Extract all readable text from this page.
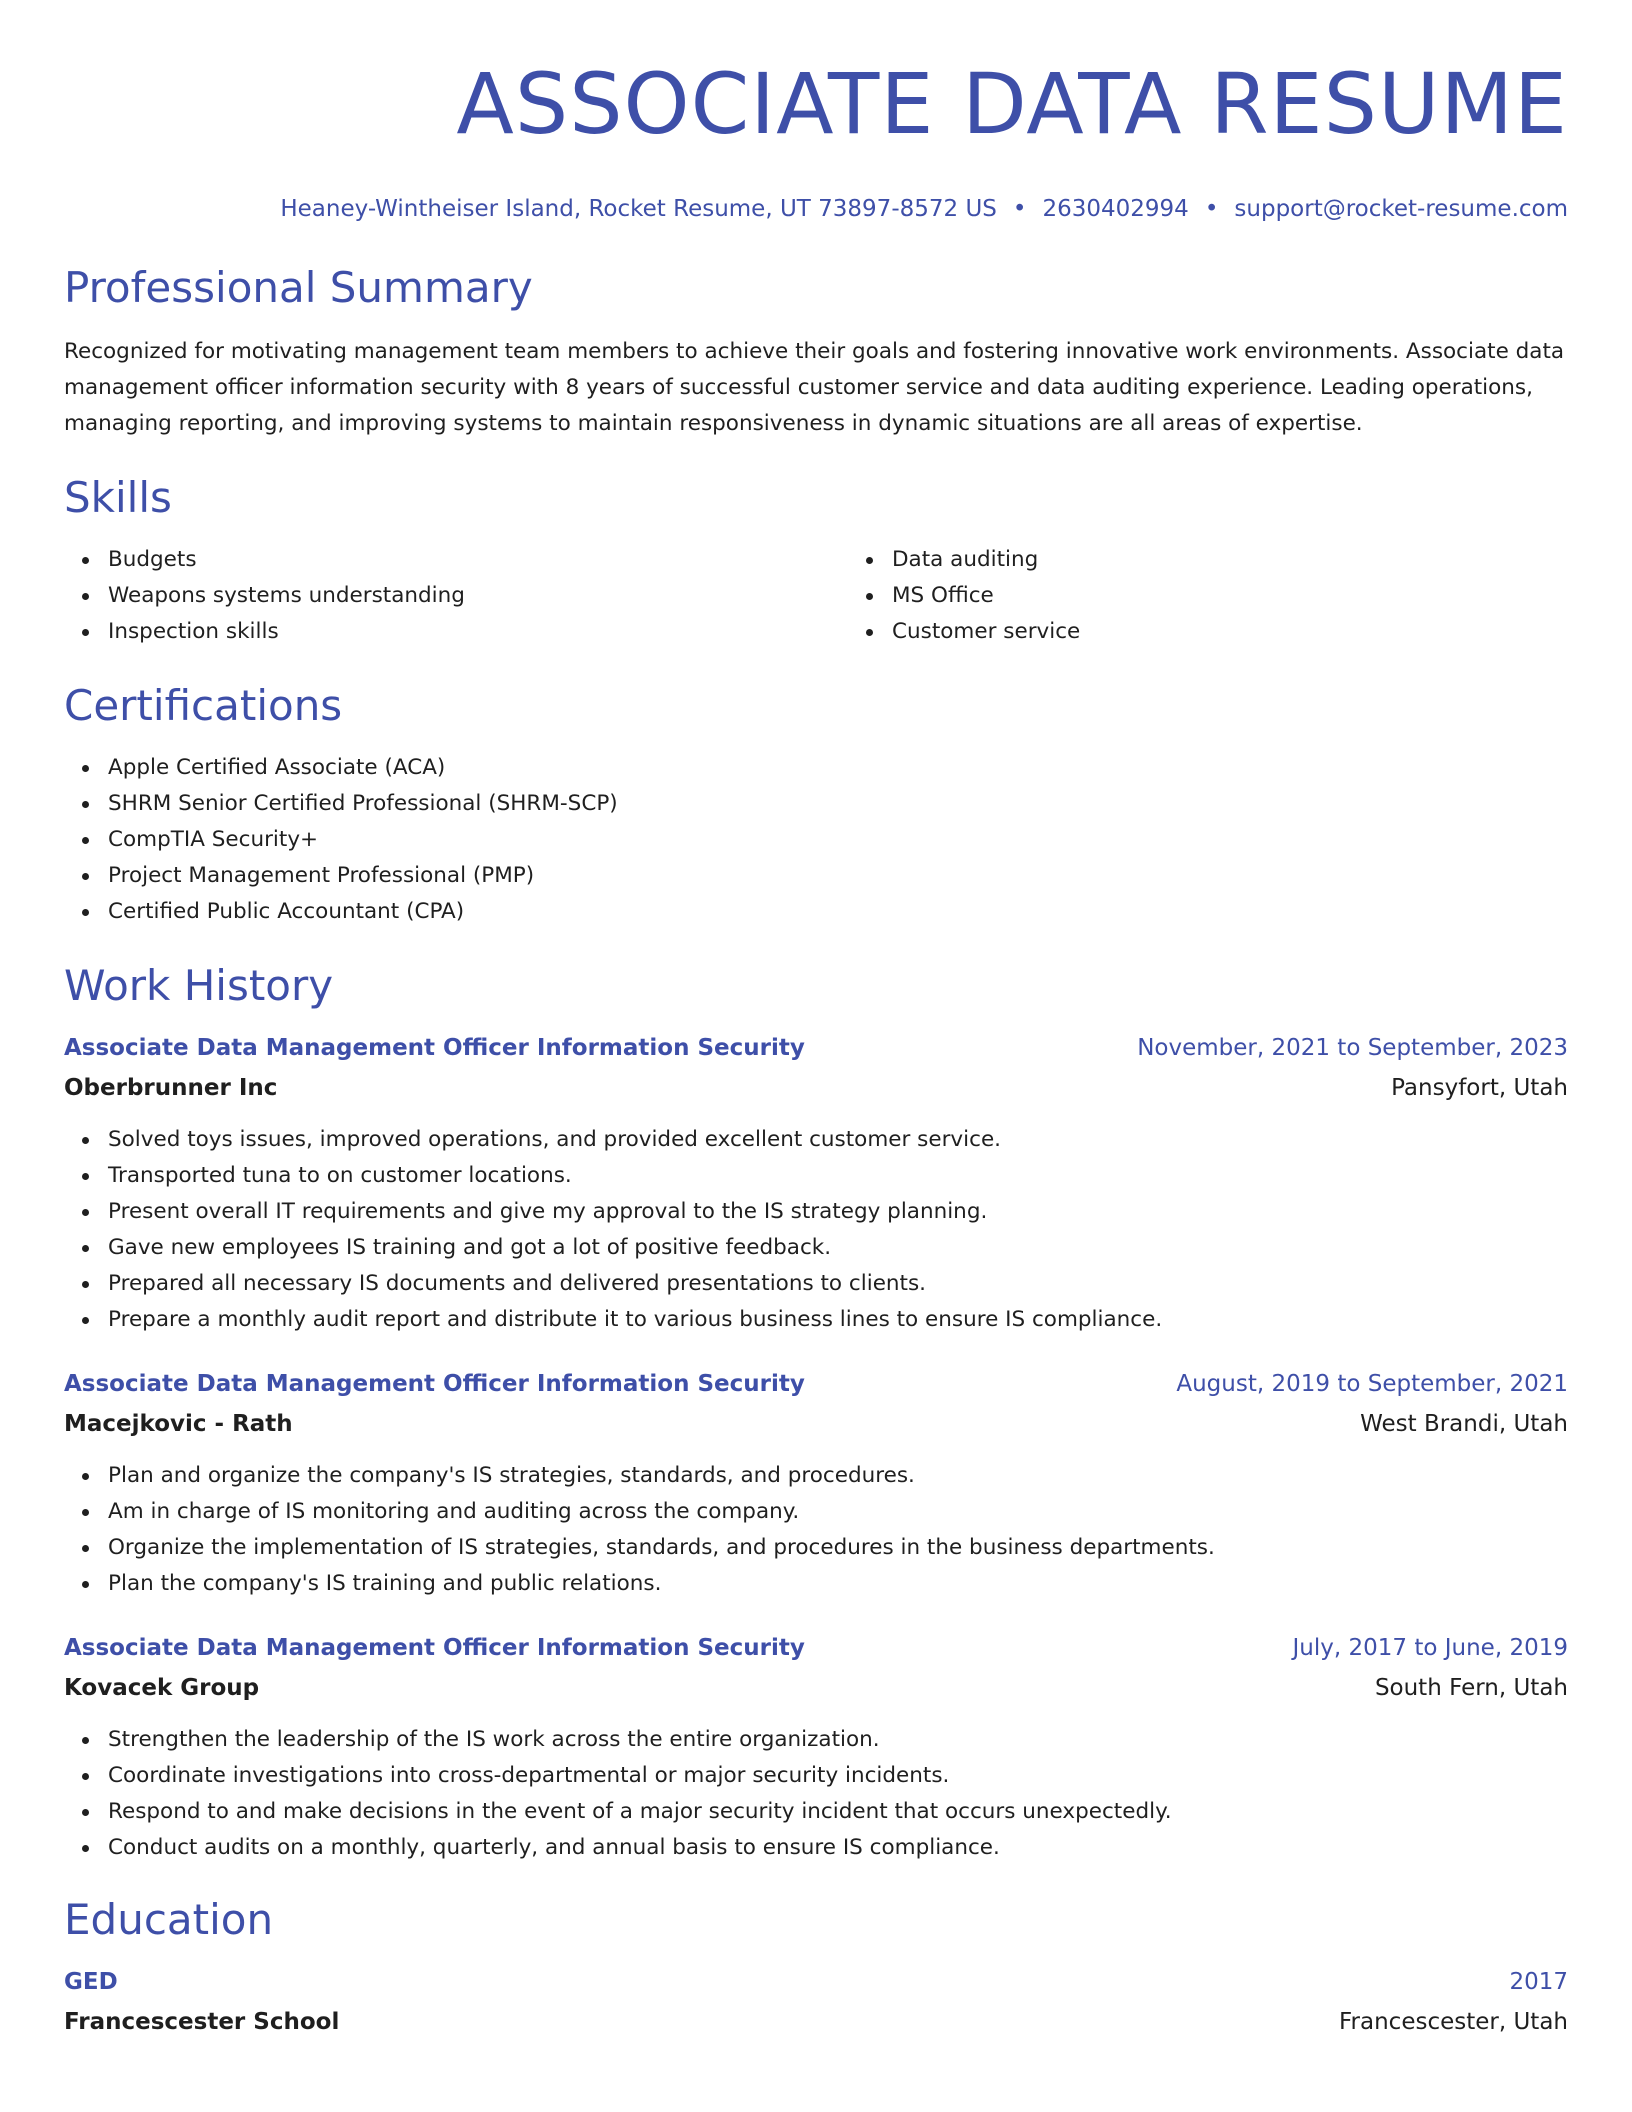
ASSOCIATE DATA RESUME
Heaney-Wintheiser Island, Rocket Resume, UT 73897-8572 US • 2630402994 • support@rocket-resume.com
Professional Summary

Recognized for motivating management team members to achieve their goals and fostering innovative work environments. Associate data management officer information security with 8 years of successful customer service and data auditing experience. Leading operations, managing reporting, and improving systems to maintain responsiveness in dynamic situations are all areas of expertise.

Skills
Budgets
Weapons systems understanding
Inspection skills
Data auditing
MS Office
Customer service
Certifications
Apple Certified Associate (ACA)
SHRM Senior Certified Professional (SHRM-SCP)
CompTIA Security+
Project Management Professional (PMP)
Certified Public Accountant (CPA)
Work History
Associate Data Management Officer Information Security	November, 2021 to September, 2023
Oberbrunner Inc	Pansyfort, Utah
Solved toys issues, improved operations, and provided excellent customer service.
Transported tuna to on customer locations.
Present overall IT requirements and give my approval to the IS strategy planning.
Gave new employees IS training and got a lot of positive feedback.
Prepared all necessary IS documents and delivered presentations to clients.
Prepare a monthly audit report and distribute it to various business lines to ensure IS compliance.
Associate Data Management Officer Information Security	August, 2019 to September, 2021
Macejkovic - Rath	West Brandi, Utah
Plan and organize the company's IS strategies, standards, and procedures.
Am in charge of IS monitoring and auditing across the company.
Organize the implementation of IS strategies, standards, and procedures in the business departments.
Plan the company's IS training and public relations.
Associate Data Management Officer Information Security	July, 2017 to June, 2019
Kovacek Group	South Fern, Utah
Strengthen the leadership of the IS work across the entire organization.
Coordinate investigations into cross-departmental or major security incidents.
Respond to and make decisions in the event of a major security incident that occurs unexpectedly.
Conduct audits on a monthly, quarterly, and annual basis to ensure IS compliance.
Education
GED	2017
Francescester School	Francescester, Utah
